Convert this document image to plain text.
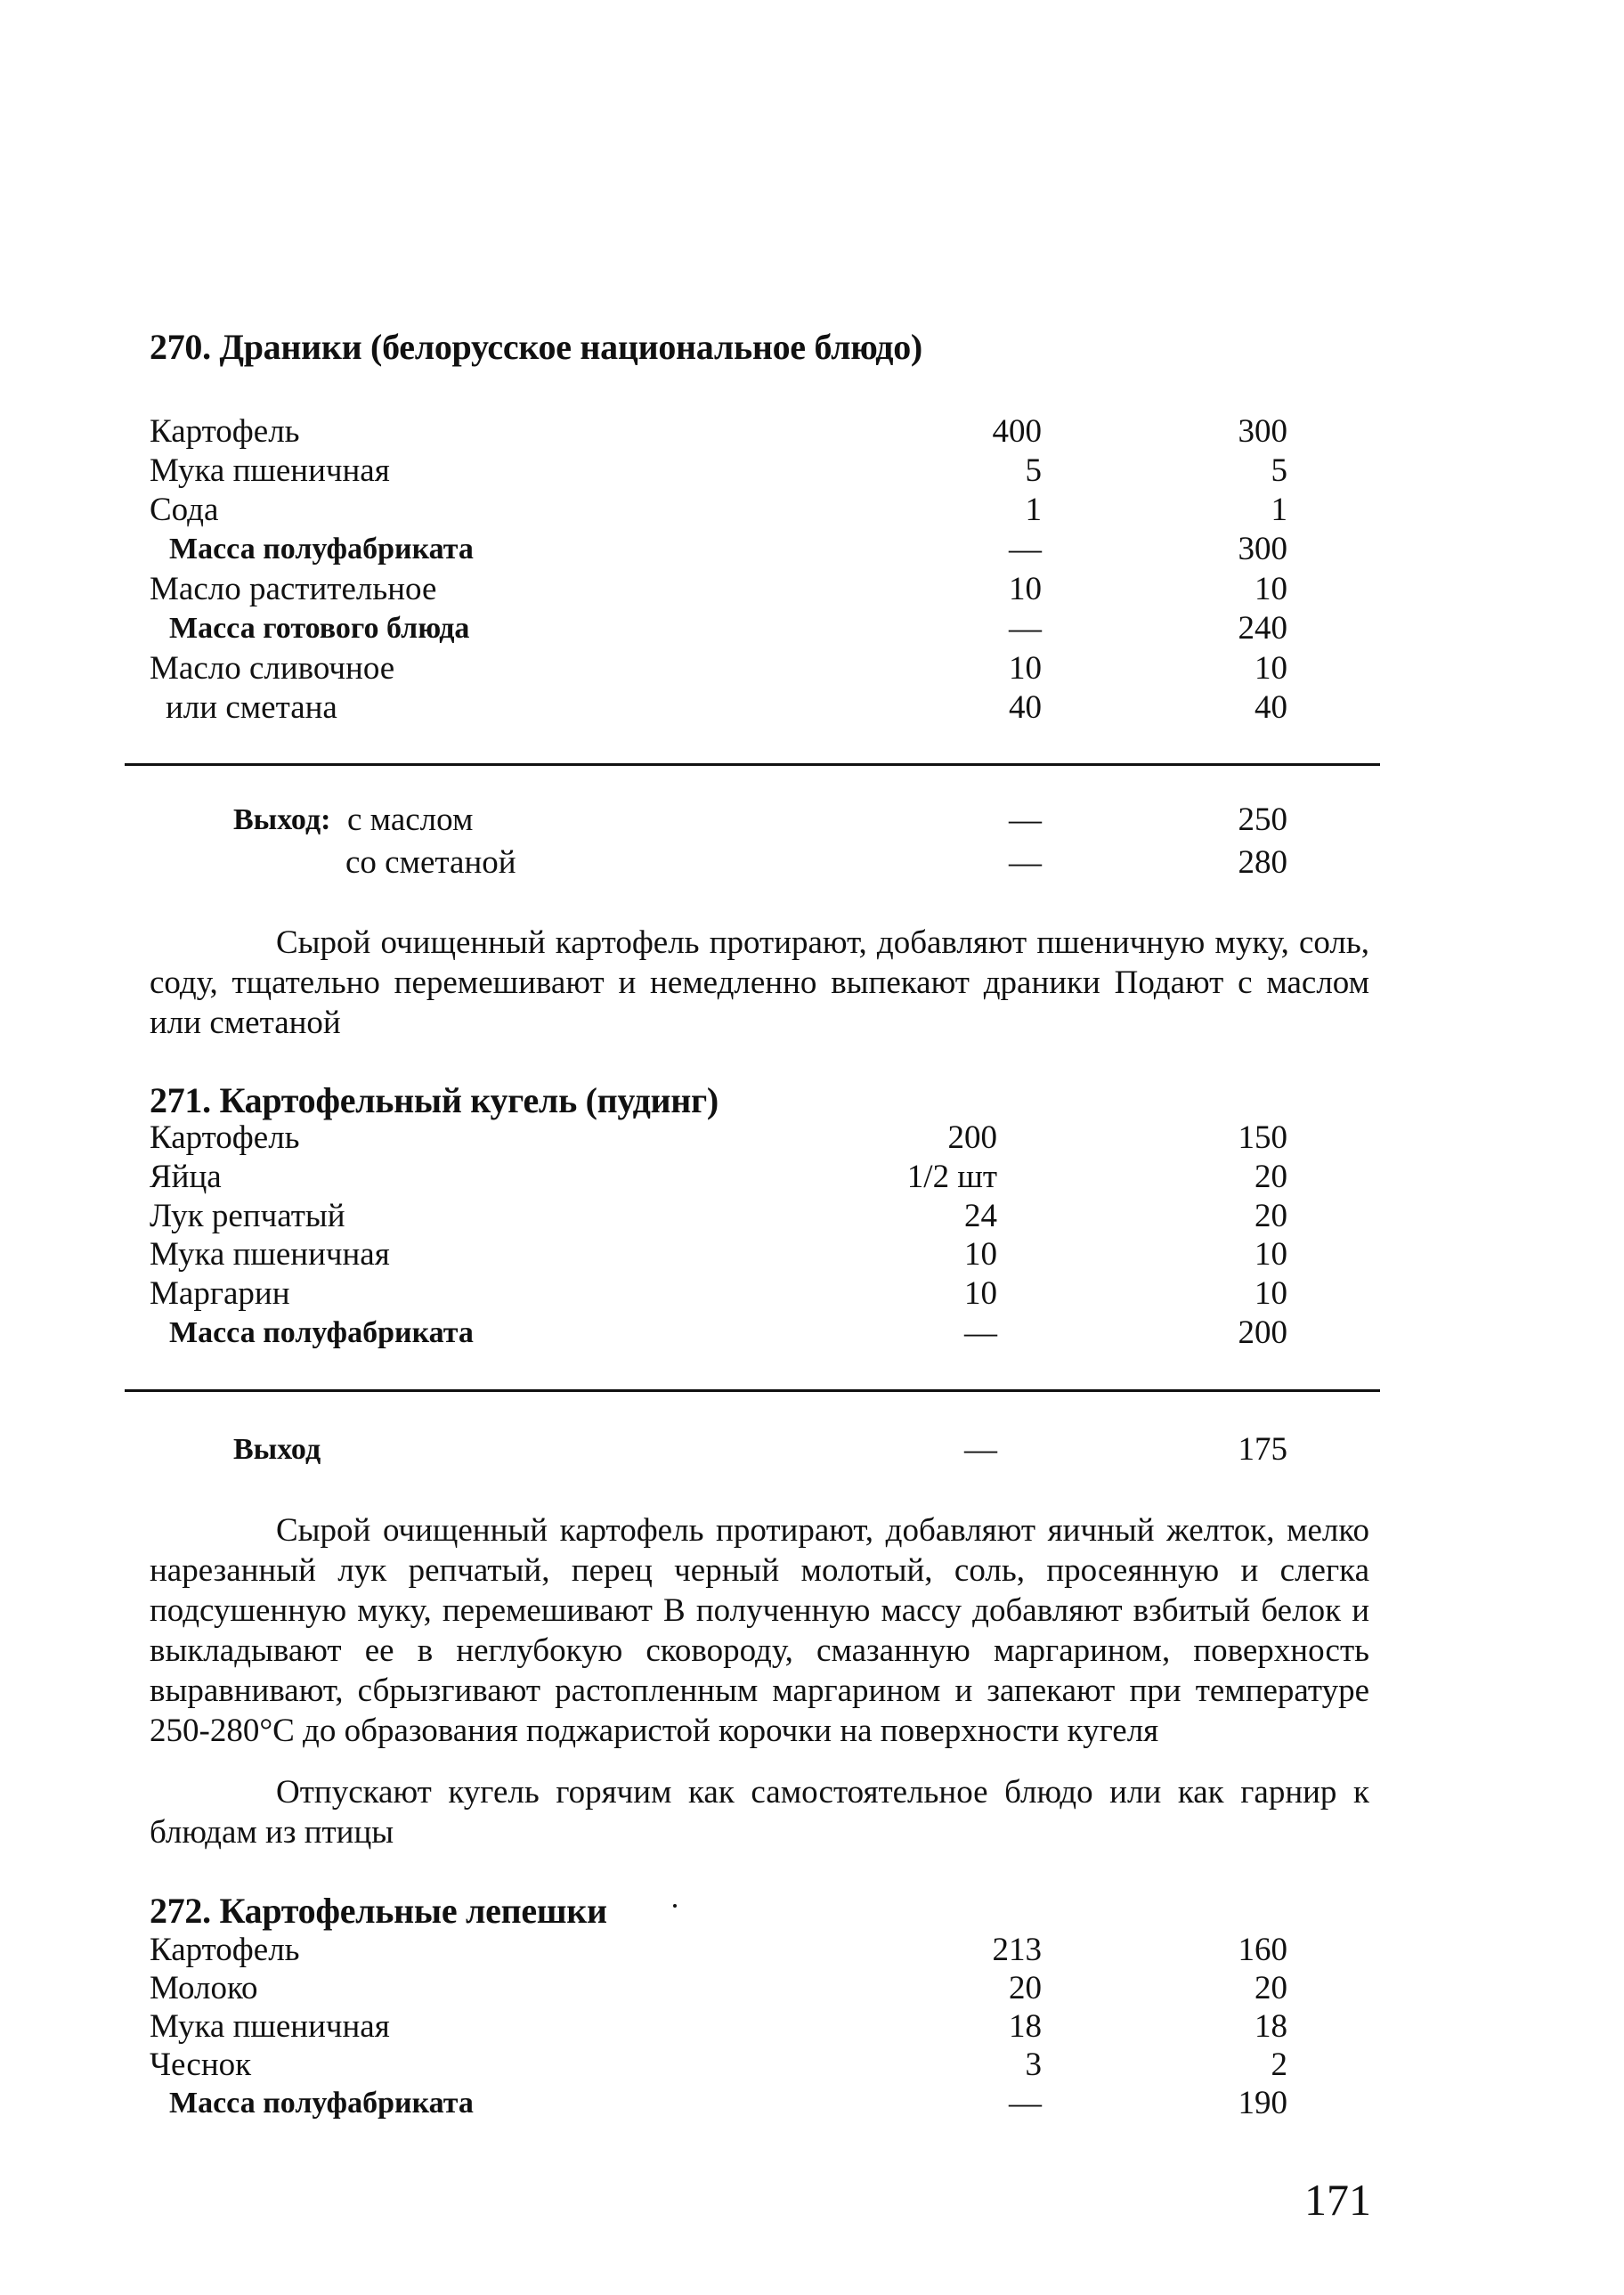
270. Драники (белорусское национальное блюдо)
Картофель	400	300
Мука пшеничная	5	5
Сода	1	1
Масса полуфабриката	—	300
Масло растительное	10	10
Масса готового блюда	—	240
Масло сливочное	10	10
или сметана	40	40
Выход: с маслом	—	250
со сметаной	—	280
Сырой очищенный картофель протирают, добавляют пшеничную муку, соль, соду, тщательно перемешивают и немедленно выпекают драники Подают с маслом или сметаной
271. Картофельный кугель (пудинг)
Картофель	200	150
Яйца	1/2 шт	20
Лук репчатый	24	20
Мука пшеничная	10	10
Маргарин	10	10
Масса полуфабриката	—	200
Выход	—	175
Сырой очищенный картофель протирают, добавляют яичный желток, мелко нарезанный лук репчатый, перец черный молотый, соль, просеянную и слегка подсушенную муку, перемешивают В полученную массу добавляют взбитый белок и выкладывают ее в неглубокую сковороду, смазанную маргарином, поверхность выравнивают, сбрызгивают растопленным маргарином и запекают при температуре 250-280°С до образования поджаристой корочки на поверхности кугеля
Отпускают кугель горячим как самостоятельное блюдо или как гарнир к блюдам из птицы
272. Картофельные лепешки
Картофель	213	160
Молоко	20	20
Мука пшеничная	18	18
Чеснок	3	2
Масса полуфабриката	—	190
171
